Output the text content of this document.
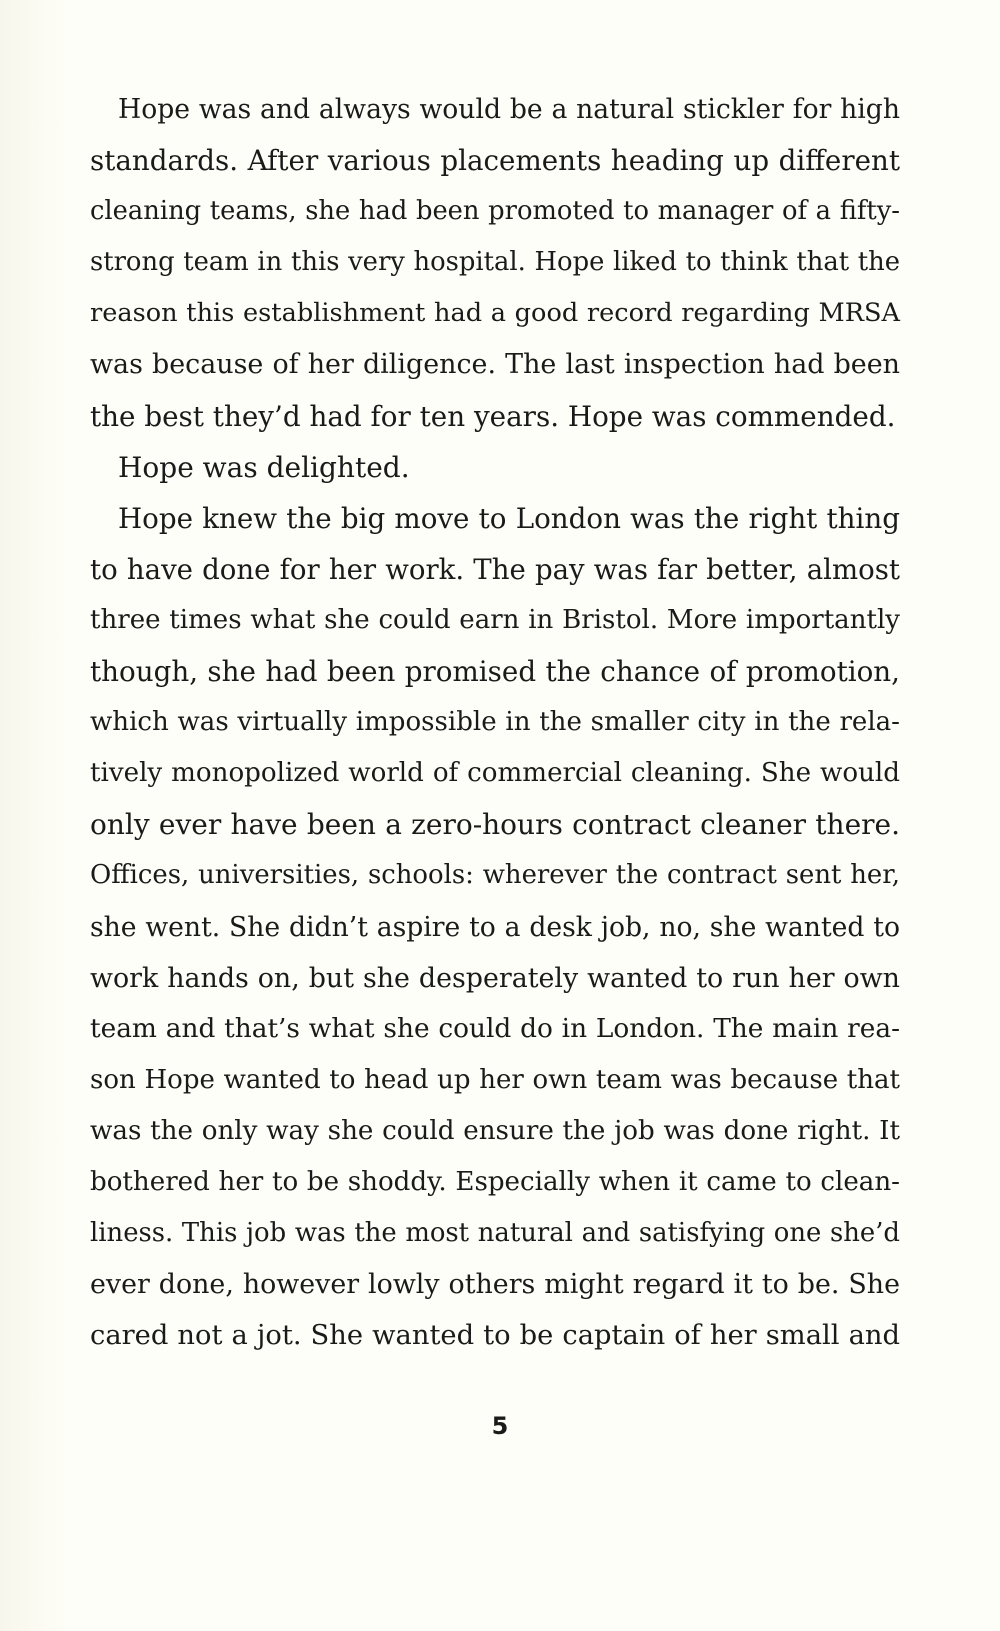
Hope was and always would be a natural stickler for high
standards. After various placements heading up different
cleaning teams, she had been promoted to manager of a fifty-
strong team in this very hospital. Hope liked to think that the
reason this establishment had a good record regarding MRSA
was because of her diligence. The last inspection had been
the best they’d had for ten years. Hope was commended.
Hope was delighted.
Hope knew the big move to London was the right thing
to have done for her work. The pay was far better, almost
three times what she could earn in Bristol. More importantly
though, she had been promised the chance of promotion,
which was virtually impossible in the smaller city in the rela-
tively monopolized world of commercial cleaning. She would
only ever have been a zero-hours contract cleaner there.
Offices, universities, schools: wherever the contract sent her,
she went. She didn’t aspire to a desk job, no, she wanted to
work hands on, but she desperately wanted to run her own
team and that’s what she could do in London. The main rea-
son Hope wanted to head up her own team was because that
was the only way she could ensure the job was done right. It
bothered her to be shoddy. Especially when it came to clean-
liness. This job was the most natural and satisfying one she’d
ever done, however lowly others might regard it to be. She
cared not a jot. She wanted to be captain of her small and
5
